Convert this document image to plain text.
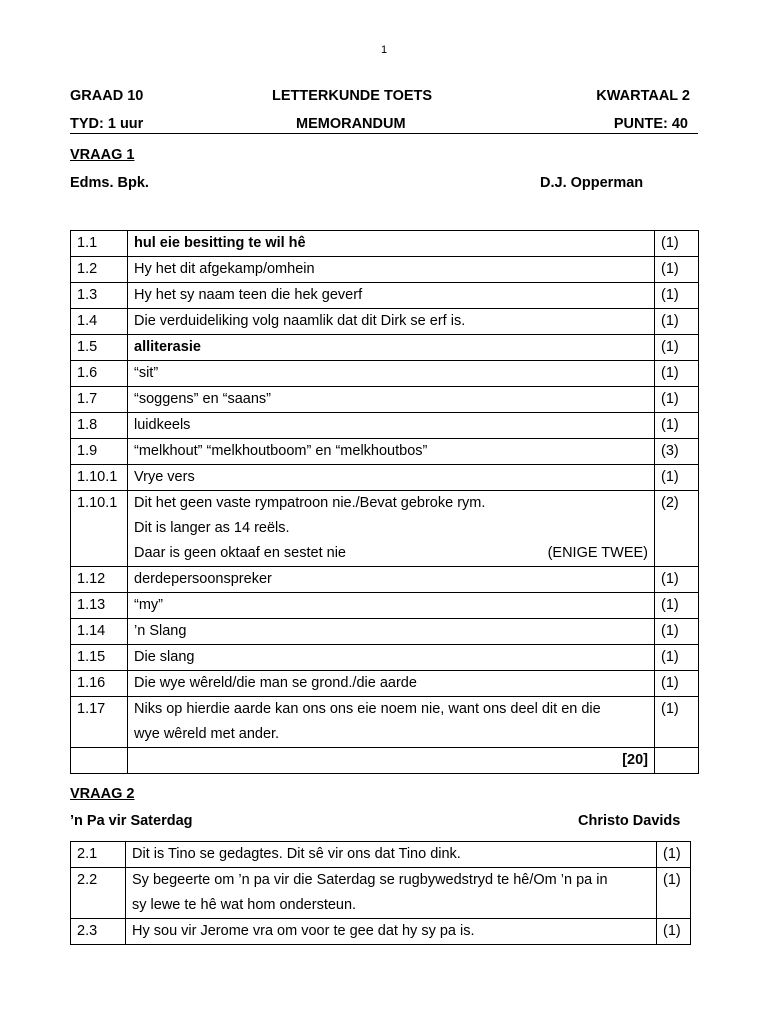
1
GRAAD 10	LETTERKUNDE TOETS	KWARTAAL 2
TYD: 1 uur	MEMORANDUM	PUNTE: 40
VRAAG 1
Edms. Bpk.	D.J. Opperman
1.1	hul eie besitting te wil hê	(1)
1.2	Hy het dit afgekamp/omhein	(1)
1.3	Hy het sy naam teen die hek geverf	(1)
1.4	Die verduideliking volg naamlik dat dit Dirk se erf is.	(1)
1.5	alliterasie	(1)
1.6	“sit”	(1)
1.7	“soggens” en “saans”	(1)
1.8	luidkeels	(1)
1.9	“melkhout” “melkhoutboom” en “melkhoutbos”	(3)
1.10.1	Vrye vers	(1)
1.10.1	Dit het geen vaste rympatroon nie./Bevat gebroke rym.
Dit is langer as 14 reëls.
Daar is geen oktaaf en sestet nie (ENIGE TWEE)	(2)
1.12	derdepersoonspreker	(1)
1.13	“my”	(1)
1.14	’n Slang	(1)
1.15	Die slang	(1)
1.16	Die wye wêreld/die man se grond./die aarde	(1)
1.17	Niks op hierdie aarde kan ons ons eie noem nie, want ons deel dit en die
wye wêreld met ander.	(1)
	[20]	
VRAAG 2
’n Pa vir Saterdag	Christo Davids
2.1	Dit is Tino se gedagtes. Dit sê vir ons dat Tino dink.	(1)
2.2	Sy begeerte om ’n pa vir die Saterdag se rugbywedstryd te hê/Om ’n pa in
sy lewe te hê wat hom ondersteun.	(1)
2.3	Hy sou vir Jerome vra om voor te gee dat hy sy pa is.	(1)
